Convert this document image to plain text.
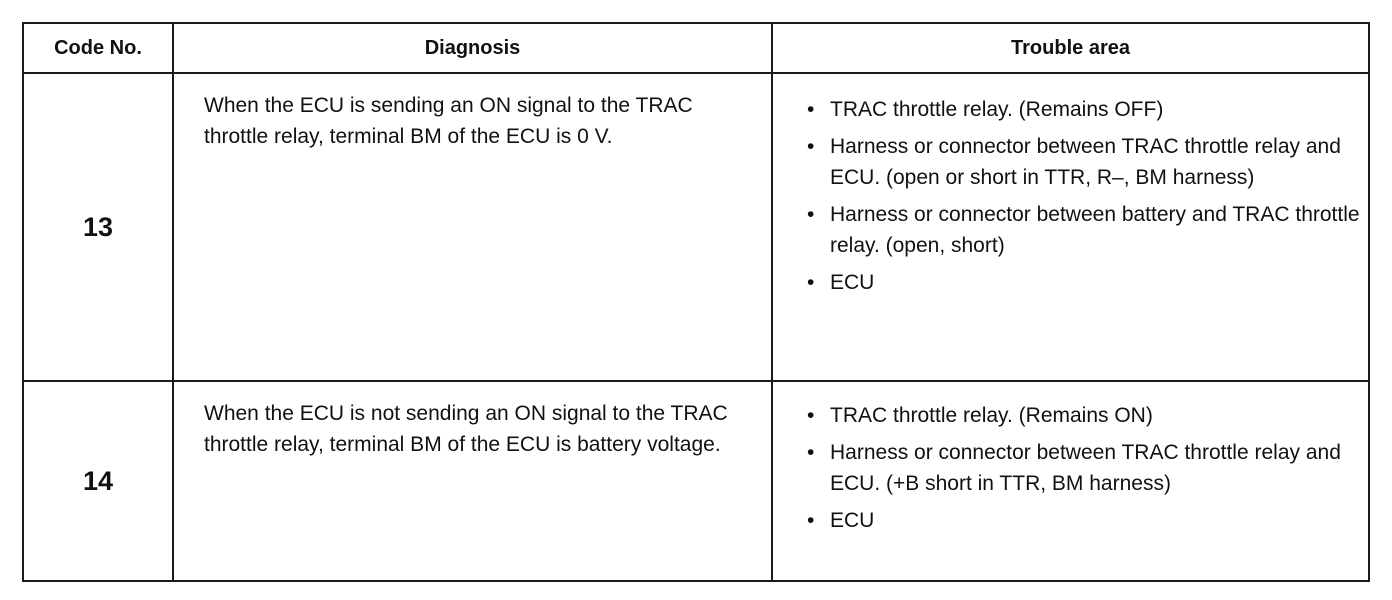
Code No.	Diagnosis	Trouble area
13
When the ECU is sending an ON signal to the TRAC throttle relay, terminal BM of the ECU is 0 V.
• TRAC throttle relay. (Remains OFF)
• Harness or connector between TRAC throttle relay and ECU. (open or short in TTR, R–, BM harness)
• Harness or connector between battery and TRAC throttle relay. (open, short)
• ECU
14
When the ECU is not sending an ON signal to the TRAC throttle relay, terminal BM of the ECU is battery voltage.
• TRAC throttle relay. (Remains ON)
• Harness or connector between TRAC throttle relay and ECU. (+B short in TTR, BM harness)
• ECU
